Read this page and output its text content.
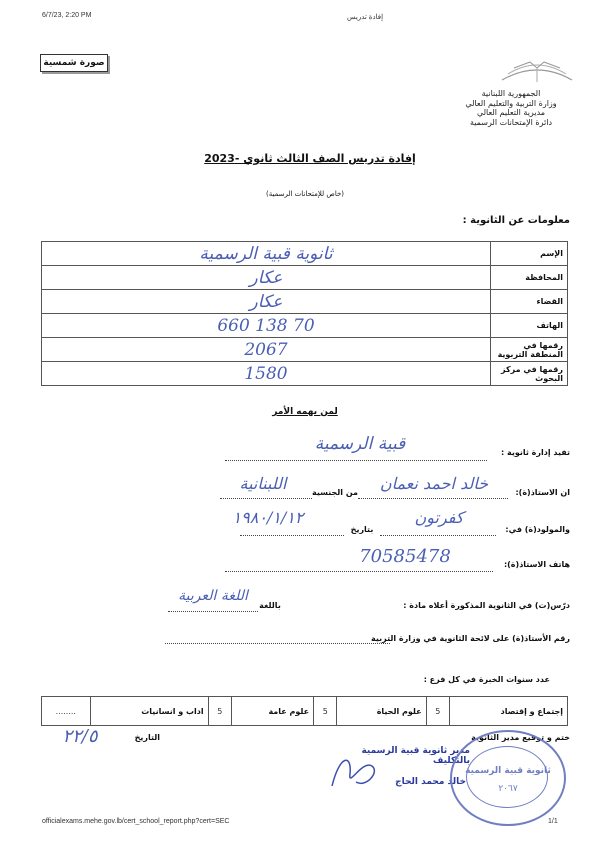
6/7/23, 2:20 PM	إفادة تدريس
صورة شمسية
الجمهورية اللبنانية
وزارة التربية والتعليم العالي
مديرية التعليم العالي
دائرة الإمتحانات الرسمية
إفادة تدريس الصف الثالث ثانوي -2023
(خاص للإمتحانات الرسمية)
معلومات عن الثانوية :
ثانوية قبية الرسمية	الإسم
عكار	المحافظة
عكار	القضاء
70 138 660	الهاتف
2067	رقمها في المنطقة التربوية
1580	رقمها في مركز البحوث
لمن يهمه الأمر
تفيد إدارة ثانوية :
قبية الرسمية
ان الاستاذ(ة):
خالد احمد نعمان
من الجنسية
اللبنانية
والمولود(ة) في:
كفرتون
بتاريخ
١٩٨٠/١/١٢
هاتف الاستاذ(ة):
70585478
درّس(ت) في الثانوية المذكورة أعلاه مادة :
باللغة
اللغة العربية
رقم الأستاذ(ة) على لائحة الثانوية في وزارة التربية
عدد سنوات الخبرة في كل فرع :
إجتماع و إقتصاد	5	علوم الحياة	5	علوم عامة	5	اداب و انسانيات	........
ختم و توقيع مدير الثانوية
التاريخ
٢٢/٥
مدير ثانوية قبية الرسمية بالتكليف
خالد محمد الحاج
ثانوية قبية الرسمية
٢٠٦٧
officialexams.mehe.gov.lb/cert_school_report.php?cert=SEC	1/1
